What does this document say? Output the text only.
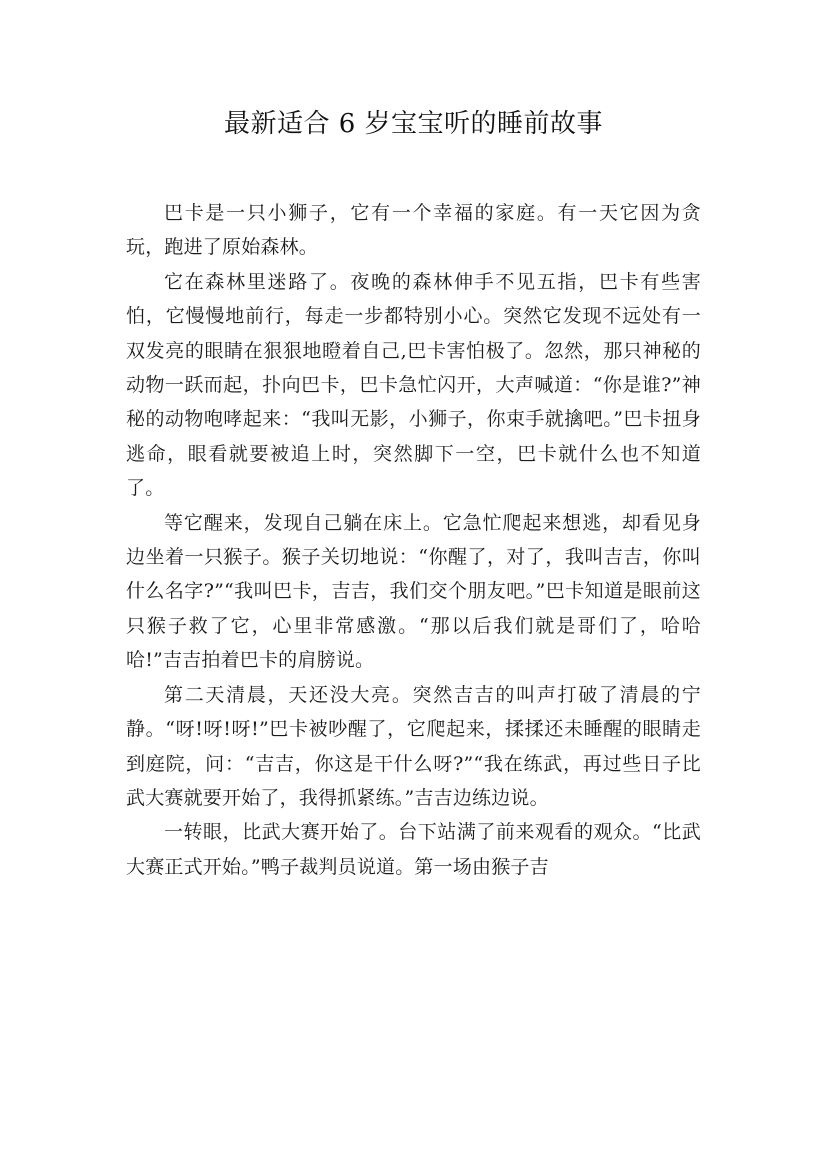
最新适合 6 岁宝宝听的睡前故事

巴卡是一只小狮子，它有一个幸福的家庭。有一天它因为贪玩，跑进了原始森林。

它在森林里迷路了。夜晚的森林伸手不见五指，巴卡有些害怕，它慢慢地前行，每走一步都特别小心。突然它发现不远处有一双发亮的眼睛在狠狠地瞪着自己,巴卡害怕极了。忽然，那只神秘的动物一跃而起，扑向巴卡，巴卡急忙闪开，大声喊道：“你是谁?”神秘的动物咆哮起来：“我叫无影，小狮子，你束手就擒吧。”巴卡扭身逃命，眼看就要被追上时，突然脚下一空，巴卡就什么也不知道了。

等它醒来，发现自己躺在床上。它急忙爬起来想逃，却看见身边坐着一只猴子。猴子关切地说：“你醒了，对了，我叫吉吉，你叫什么名字?”“我叫巴卡，吉吉，我们交个朋友吧。”巴卡知道是眼前这只猴子救了它，心里非常感激。“那以后我们就是哥们了，哈哈哈!”吉吉拍着巴卡的肩膀说。

第二天清晨，天还没大亮。突然吉吉的叫声打破了清晨的宁静。“呀!呀!呀!”巴卡被吵醒了，它爬起来，揉揉还未睡醒的眼睛走到庭院，问：“吉吉，你这是干什么呀?”“我在练武，再过些日子比武大赛就要开始了，我得抓紧练。”吉吉边练边说。

一转眼，比武大赛开始了。台下站满了前来观看的观众。“比武大赛正式开始。”鸭子裁判员说道。第一场由猴子吉
